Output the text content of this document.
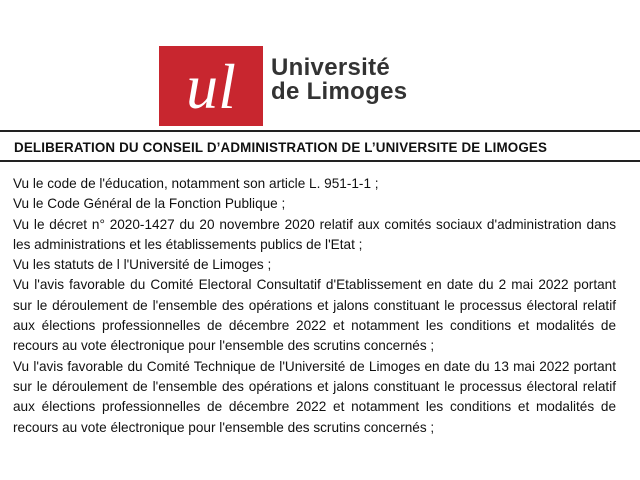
ul Université
de Limoges
DELIBERATION DU CONSEIL D’ADMINISTRATION DE L’UNIVERSITE DE LIMOGES

Vu le code de l'éducation, notamment son article L. 951-1-1 ;

Vu le Code Général de la Fonction Publique ;

Vu le décret n° 2020-1427 du 20 novembre 2020 relatif aux comités sociaux d'administration dans les administrations et les établissements publics de l'Etat ;

Vu les statuts de l l'Université de Limoges ;

Vu l'avis favorable du Comité Electoral Consultatif d'Etablissement en date du 2 mai 2022 portant sur le déroulement de l'ensemble des opérations et jalons constituant le processus électoral relatif aux élections professionnelles de décembre 2022 et notamment les conditions et modalités de recours au vote électronique pour l'ensemble des scrutins concernés ;

Vu l'avis favorable du Comité Technique de l'Université de Limoges en date du 13 mai 2022 portant sur le déroulement de l'ensemble des opérations et jalons constituant le processus électoral relatif aux élections professionnelles de décembre 2022 et notamment les conditions et modalités de recours au vote électronique pour l'ensemble des scrutins concernés ;
